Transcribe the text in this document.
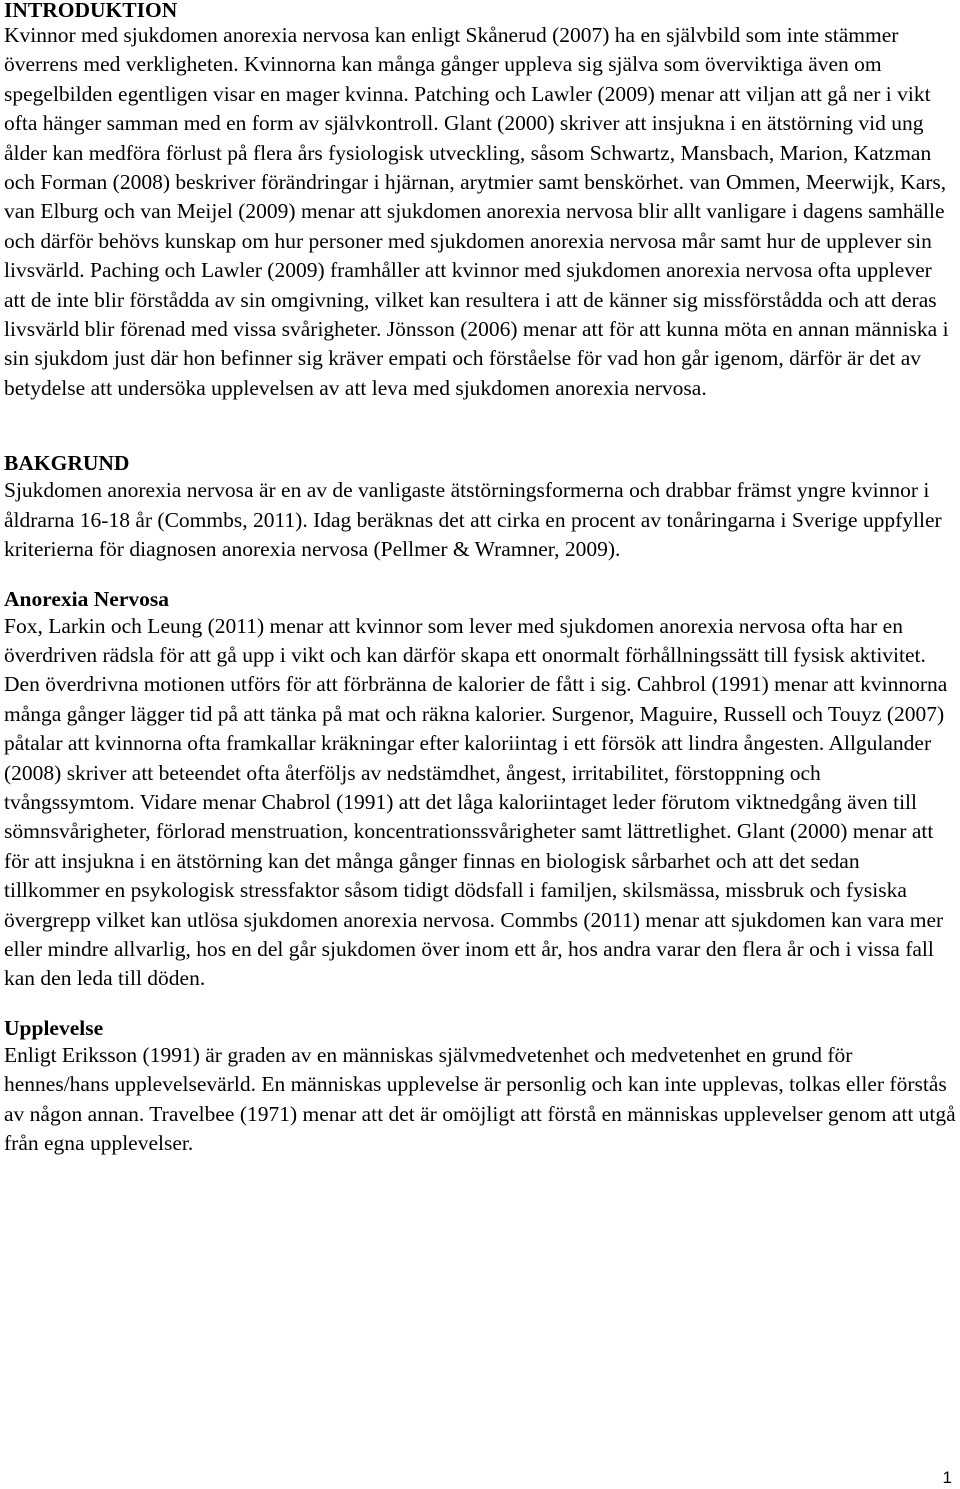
INTRODUKTION

Kvinnor med sjukdomen anorexia nervosa kan enligt Skånerud (2007) ha en självbild som inte stämmer överrens med verkligheten. Kvinnorna kan många gånger uppleva sig själva som överviktiga även om spegelbilden egentligen visar en mager kvinna. Patching och Lawler (2009) menar att viljan att gå ner i vikt ofta hänger samman med en form av självkontroll. Glant (2000) skriver att insjukna i en ätstörning vid ung ålder kan medföra förlust på flera års fysiologisk utveckling, såsom Schwartz, Mansbach, Marion, Katzman och Forman (2008) beskriver förändringar i hjärnan, arytmier samt benskörhet. van Ommen, Meerwijk, Kars, van Elburg och van Meijel (2009) menar att sjukdomen anorexia nervosa blir allt vanligare i dagens samhälle och därför behövs kunskap om hur personer med sjukdomen anorexia nervosa mår samt hur de upplever sin livsvärld. Paching och Lawler (2009) framhåller att kvinnor med sjukdomen anorexia nervosa ofta upplever att de inte blir förstådda av sin omgivning, vilket kan resultera i att de känner sig missförstådda och att deras livsvärld blir förenad med vissa svårigheter. Jönsson (2006) menar att för att kunna möta en annan människa i sin sjukdom just där hon befinner sig kräver empati och förståelse för vad hon går igenom, därför är det av betydelse att undersöka upplevelsen av att leva med sjukdomen anorexia nervosa.

BAKGRUND

Sjukdomen anorexia nervosa är en av de vanligaste ätstörningsformerna och drabbar främst yngre kvinnor i åldrarna 16-18 år (Commbs, 2011). Idag beräknas det att cirka en procent av tonåringarna i Sverige uppfyller kriterierna för diagnosen anorexia nervosa (Pellmer & Wramner, 2009).

Anorexia Nervosa

Fox, Larkin och Leung (2011) menar att kvinnor som lever med sjukdomen anorexia nervosa ofta har en överdriven rädsla för att gå upp i vikt och kan därför skapa ett onormalt förhållningssätt till fysisk aktivitet. Den överdrivna motionen utförs för att förbränna de kalorier de fått i sig. Cahbrol (1991) menar att kvinnorna många gånger lägger tid på att tänka på mat och räkna kalorier. Surgenor, Maguire, Russell och Touyz (2007) påtalar att kvinnorna ofta framkallar kräkningar efter kaloriintag i ett försök att lindra ångesten. Allgulander (2008) skriver att beteendet ofta återföljs av nedstämdhet, ångest, irritabilitet, förstoppning och tvångssymtom. Vidare menar Chabrol (1991) att det låga kaloriintaget leder förutom viktnedgång även till sömnsvårigheter, förlorad menstruation, koncentrationssvårigheter samt lättretlighet. Glant (2000) menar att för att insjukna i en ätstörning kan det många gånger finnas en biologisk sårbarhet och att det sedan tillkommer en psykologisk stressfaktor såsom tidigt dödsfall i familjen, skilsmässa, missbruk och fysiska övergrepp vilket kan utlösa sjukdomen anorexia nervosa. Commbs (2011) menar att sjukdomen kan vara mer eller mindre allvarlig, hos en del går sjukdomen över inom ett år, hos andra varar den flera år och i vissa fall kan den leda till döden.

Upplevelse

Enligt Eriksson (1991) är graden av en människas självmedvetenhet och medvetenhet en grund för hennes/hans upplevelsevärld. En människas upplevelse är personlig och kan inte upplevas, tolkas eller förstås av någon annan. Travelbee (1971) menar att det är omöjligt att förstå en människas upplevelser genom att utgå från egna upplevelser.

1
